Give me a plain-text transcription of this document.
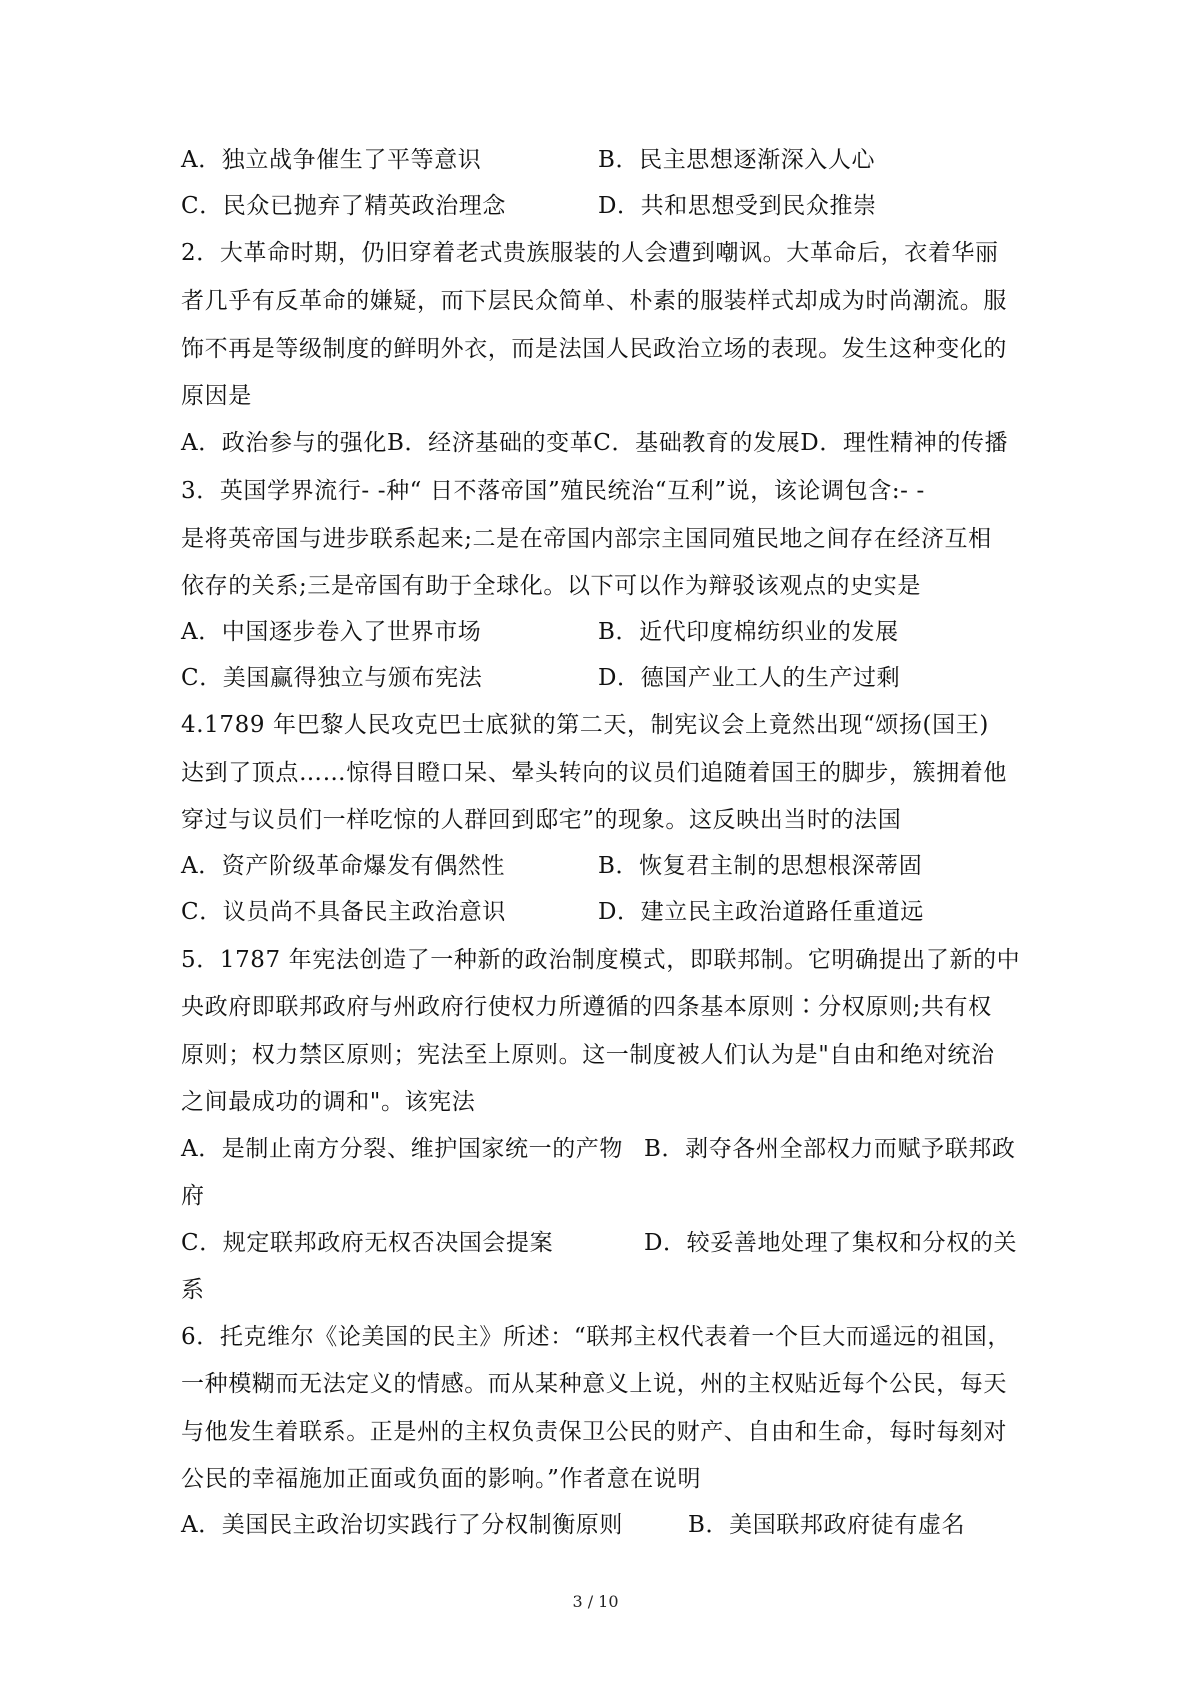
A．独立战争催生了平等意识	B．民主思想逐渐深入人心
C．民众已抛弃了精英政治理念	D．共和思想受到民众推崇
2．大革命时期，仍旧穿着老式贵族服装的人会遭到嘲讽。大革命后，衣着华丽
者几乎有反革命的嫌疑，而下层民众简单、朴素的服装样式却成为时尚潮流。服
饰不再是等级制度的鲜明外衣，而是法国人民政治立场的表现。发生这种变化的
原因是
A．政治参与的强化B．经济基础的变革C．基础教育的发展D．理性精神的传播
3．英国学界流行- -种“ 日不落帝国”殖民统治“互利”说，该论调包含:- -
是将英帝国与进步联系起来;二是在帝国内部宗主国同殖民地之间存在经济互相
依存的关系;三是帝国有助于全球化。以下可以作为辩驳该观点的史实是
A．中国逐步卷入了世界市场	B．近代印度棉纺织业的发展
C．美国赢得独立与颁布宪法	D．德国产业工人的生产过剩
4.1789 年巴黎人民攻克巴士底狱的第二天，制宪议会上竟然出现“颂扬(国王)
达到了顶点……惊得目瞪口呆、晕头转向的议员们追随着国王的脚步，簇拥着他
穿过与议员们一样吃惊的人群回到邸宅”的现象。这反映出当时的法国
A．资产阶级革命爆发有偶然性	B．恢复君主制的思想根深蒂固
C．议员尚不具备民主政治意识	D．建立民主政治道路任重道远
5．1787 年宪法创造了一种新的政治制度模式，即联邦制。它明确提出了新的中
央政府即联邦政府与州政府行使权力所遵循的四条基本原则∶分权原则;共有权
原则；权力禁区原则；宪法至上原则。这一制度被人们认为是"自由和绝对统治
之间最成功的调和"。该宪法
A．是制止南方分裂、维护国家统一的产物 B．剥夺各州全部权力而赋予联邦政
府
C．规定联邦政府无权否决国会提案	D．较妥善地处理了集权和分权的关
系
6．托克维尔《论美国的民主》所述：“联邦主权代表着一个巨大而遥远的祖国，
一种模糊而无法定义的情感。而从某种意义上说，州的主权贴近每个公民，每天
与他发生着联系。正是州的主权负责保卫公民的财产、自由和生命，每时每刻对
公民的幸福施加正面或负面的影响。”作者意在说明
A．美国民主政治切实践行了分权制衡原则	B．美国联邦政府徒有虚名
3 / 10
